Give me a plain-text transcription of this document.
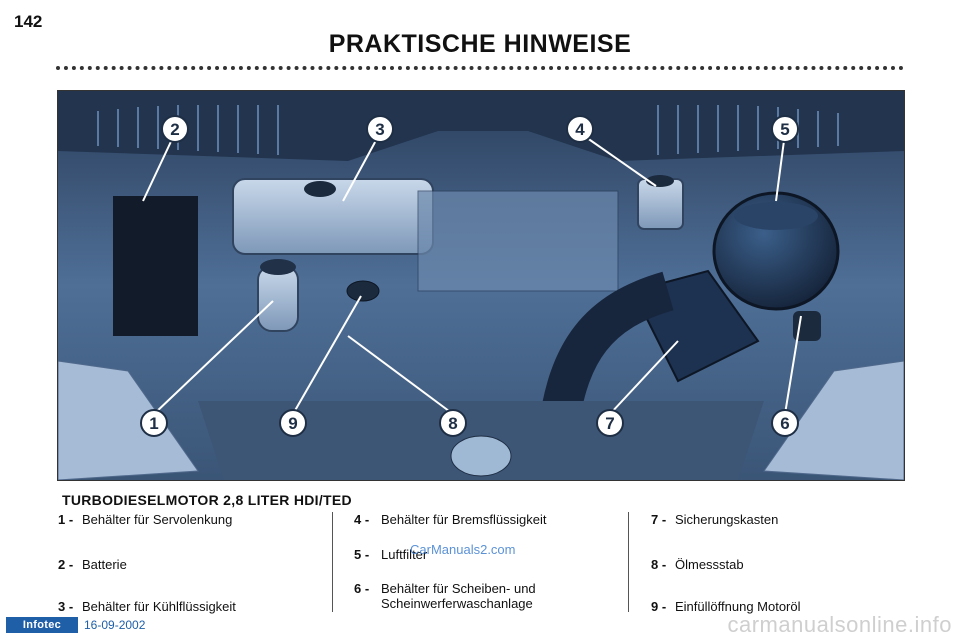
142
PRAKTISCHE HINWEISE
1
2	3	4	5
6
7
8
9
TURBODIESELMOTOR 2,8 LITER HDI/TED
1 - Behälter für Servolenkung
2 - Batterie
3 - Behälter für Kühlflüssigkeit
4 - Behälter für Bremsflüssigkeit
5 - Luftfilter
6 - Behälter für Scheiben- und
Scheinwerferwaschanlage
7 - Sicherungskasten
8 - Ölmessstab
9 - Einfüllöffnung Motoröl
CarManuals2.com
Infotec	16-09-2002	carmanualsonline.info
